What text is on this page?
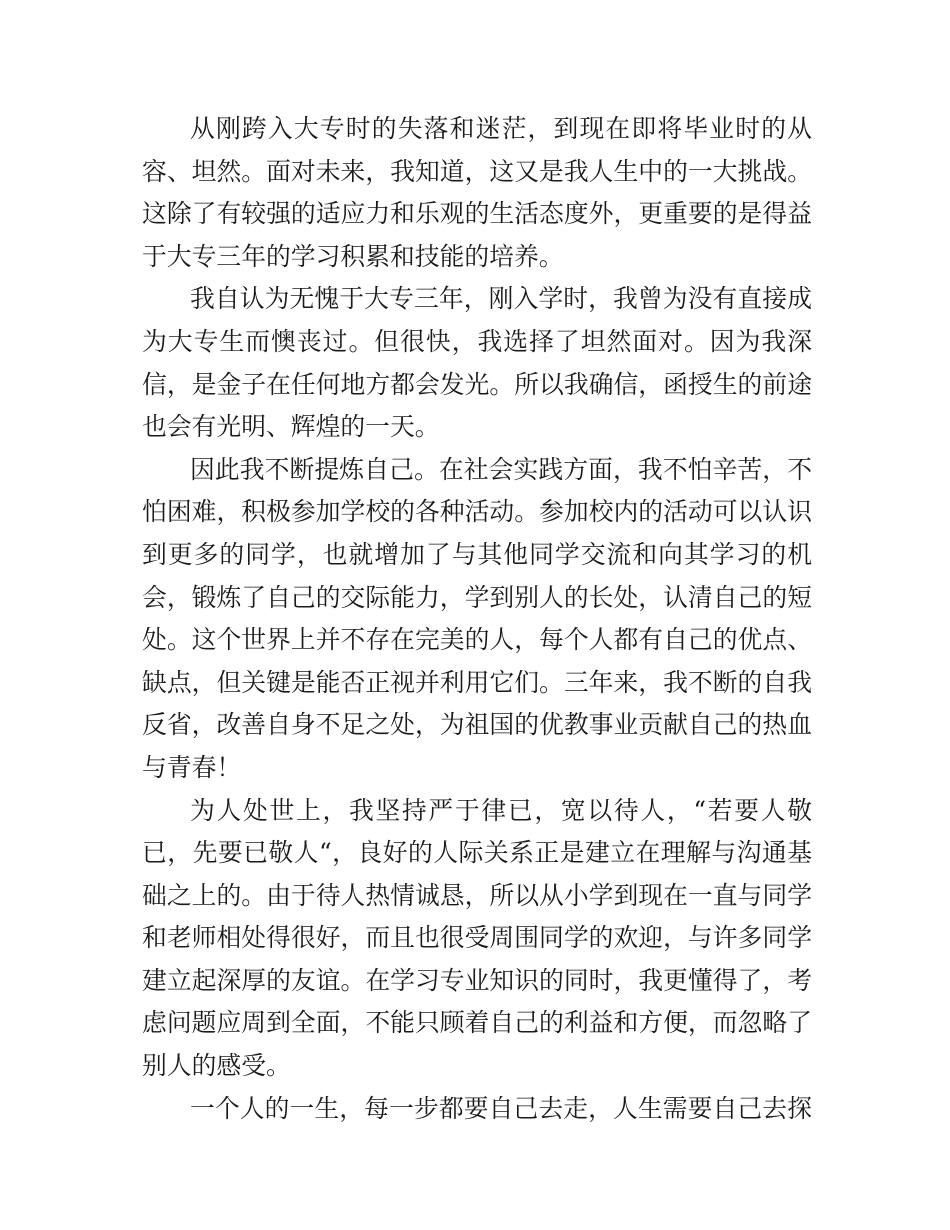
从刚跨入大专时的失落和迷茫，到现在即将毕业时的从
容、坦然。面对未来，我知道，这又是我人生中的一大挑战。
这除了有较强的适应力和乐观的生活态度外，更重要的是得益
于大专三年的学习积累和技能的培养。
我自认为无愧于大专三年，刚入学时，我曾为没有直接成
为大专生而懊丧过。但很快，我选择了坦然面对。因为我深
信，是金子在任何地方都会发光。所以我确信，函授生的前途
也会有光明、辉煌的一天。
因此我不断提炼自己。在社会实践方面，我不怕辛苦，不
怕困难，积极参加学校的各种活动。参加校内的活动可以认识
到更多的同学，也就增加了与其他同学交流和向其学习的机
会，锻炼了自己的交际能力，学到别人的长处，认清自己的短
处。这个世界上并不存在完美的人，每个人都有自己的优点、
缺点，但关键是能否正视并利用它们。三年来，我不断的自我
反省，改善自身不足之处，为祖国的优教事业贡献自己的热血
与青春！
为人处世上，我坚持严于律已，宽以待人，“若要人敬
已，先要已敬人“，良好的人际关系正是建立在理解与沟通基
础之上的。由于待人热情诚恳，所以从小学到现在一直与同学
和老师相处得很好，而且也很受周围同学的欢迎，与许多同学
建立起深厚的友谊。在学习专业知识的同时，我更懂得了，考
虑问题应周到全面，不能只顾着自己的利益和方便，而忽略了
别人的感受。
一个人的一生，每一步都要自己去走，人生需要自己去探
